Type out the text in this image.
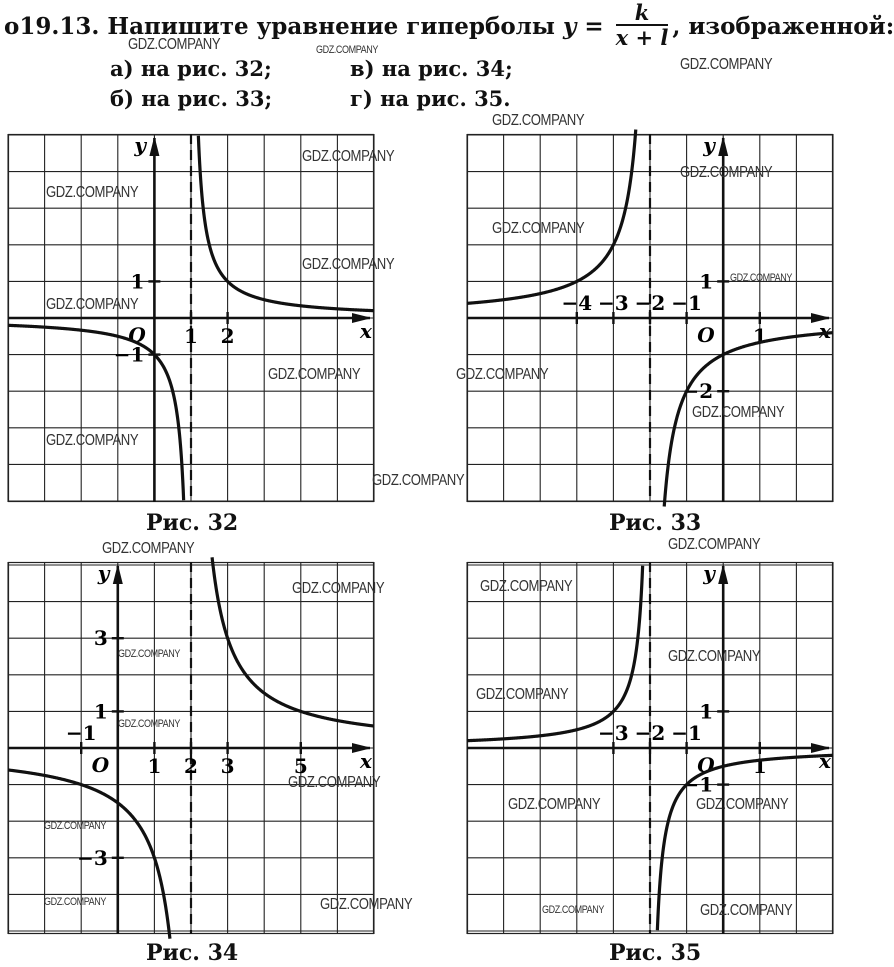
о19.13. Напишите уравнение гиперболы $y = \frac{k}{x + l}$ , изображенной:
а) на рис. 32;
б) на рис. 33;
в) на рис. 34;
г) на рис. 35.
x
y
O 1 2
1
−1
x
y
O
−4 −3 −2 −1
1
1
−2
x
y
O
−1
1 2 3	5
3
1
−3
x
y
O
−3 −2 −1
1
1
−1
Рис. 32	Рис. 33
Рис. 34	Рис. 35
GDZ.COMPANY	GDZ.COMPANY
GDZ.COMPANY
GDZ.COMPANY
GDZ.COMPANY
GDZ.COMPANY
GDZ.COMPANY
GDZ.COMPANY
GDZ.COMPANY
GDZ.COMPANY
GDZ.COMPANY
GDZ.COMPANY	GDZ.COMPANY
GDZ.COMPANY
GDZ.COMPANY
GDZ.COMPANY
GDZ.COMPANY	GDZ.COMPANY
GDZ.COMPANY	GDZ.COMPANY
GDZ.COMPANY	GDZ.COMPANY
GDZ.COMPANY
GDZ.COMPANY
GDZ.COMPANY
GDZ.COMPANY	GDZ.COMPANY
GDZ.COMPANY
GDZ.COMPANY	GDZ.COMPANY	GDZ.COMPANY	GDZ.COMPANY
